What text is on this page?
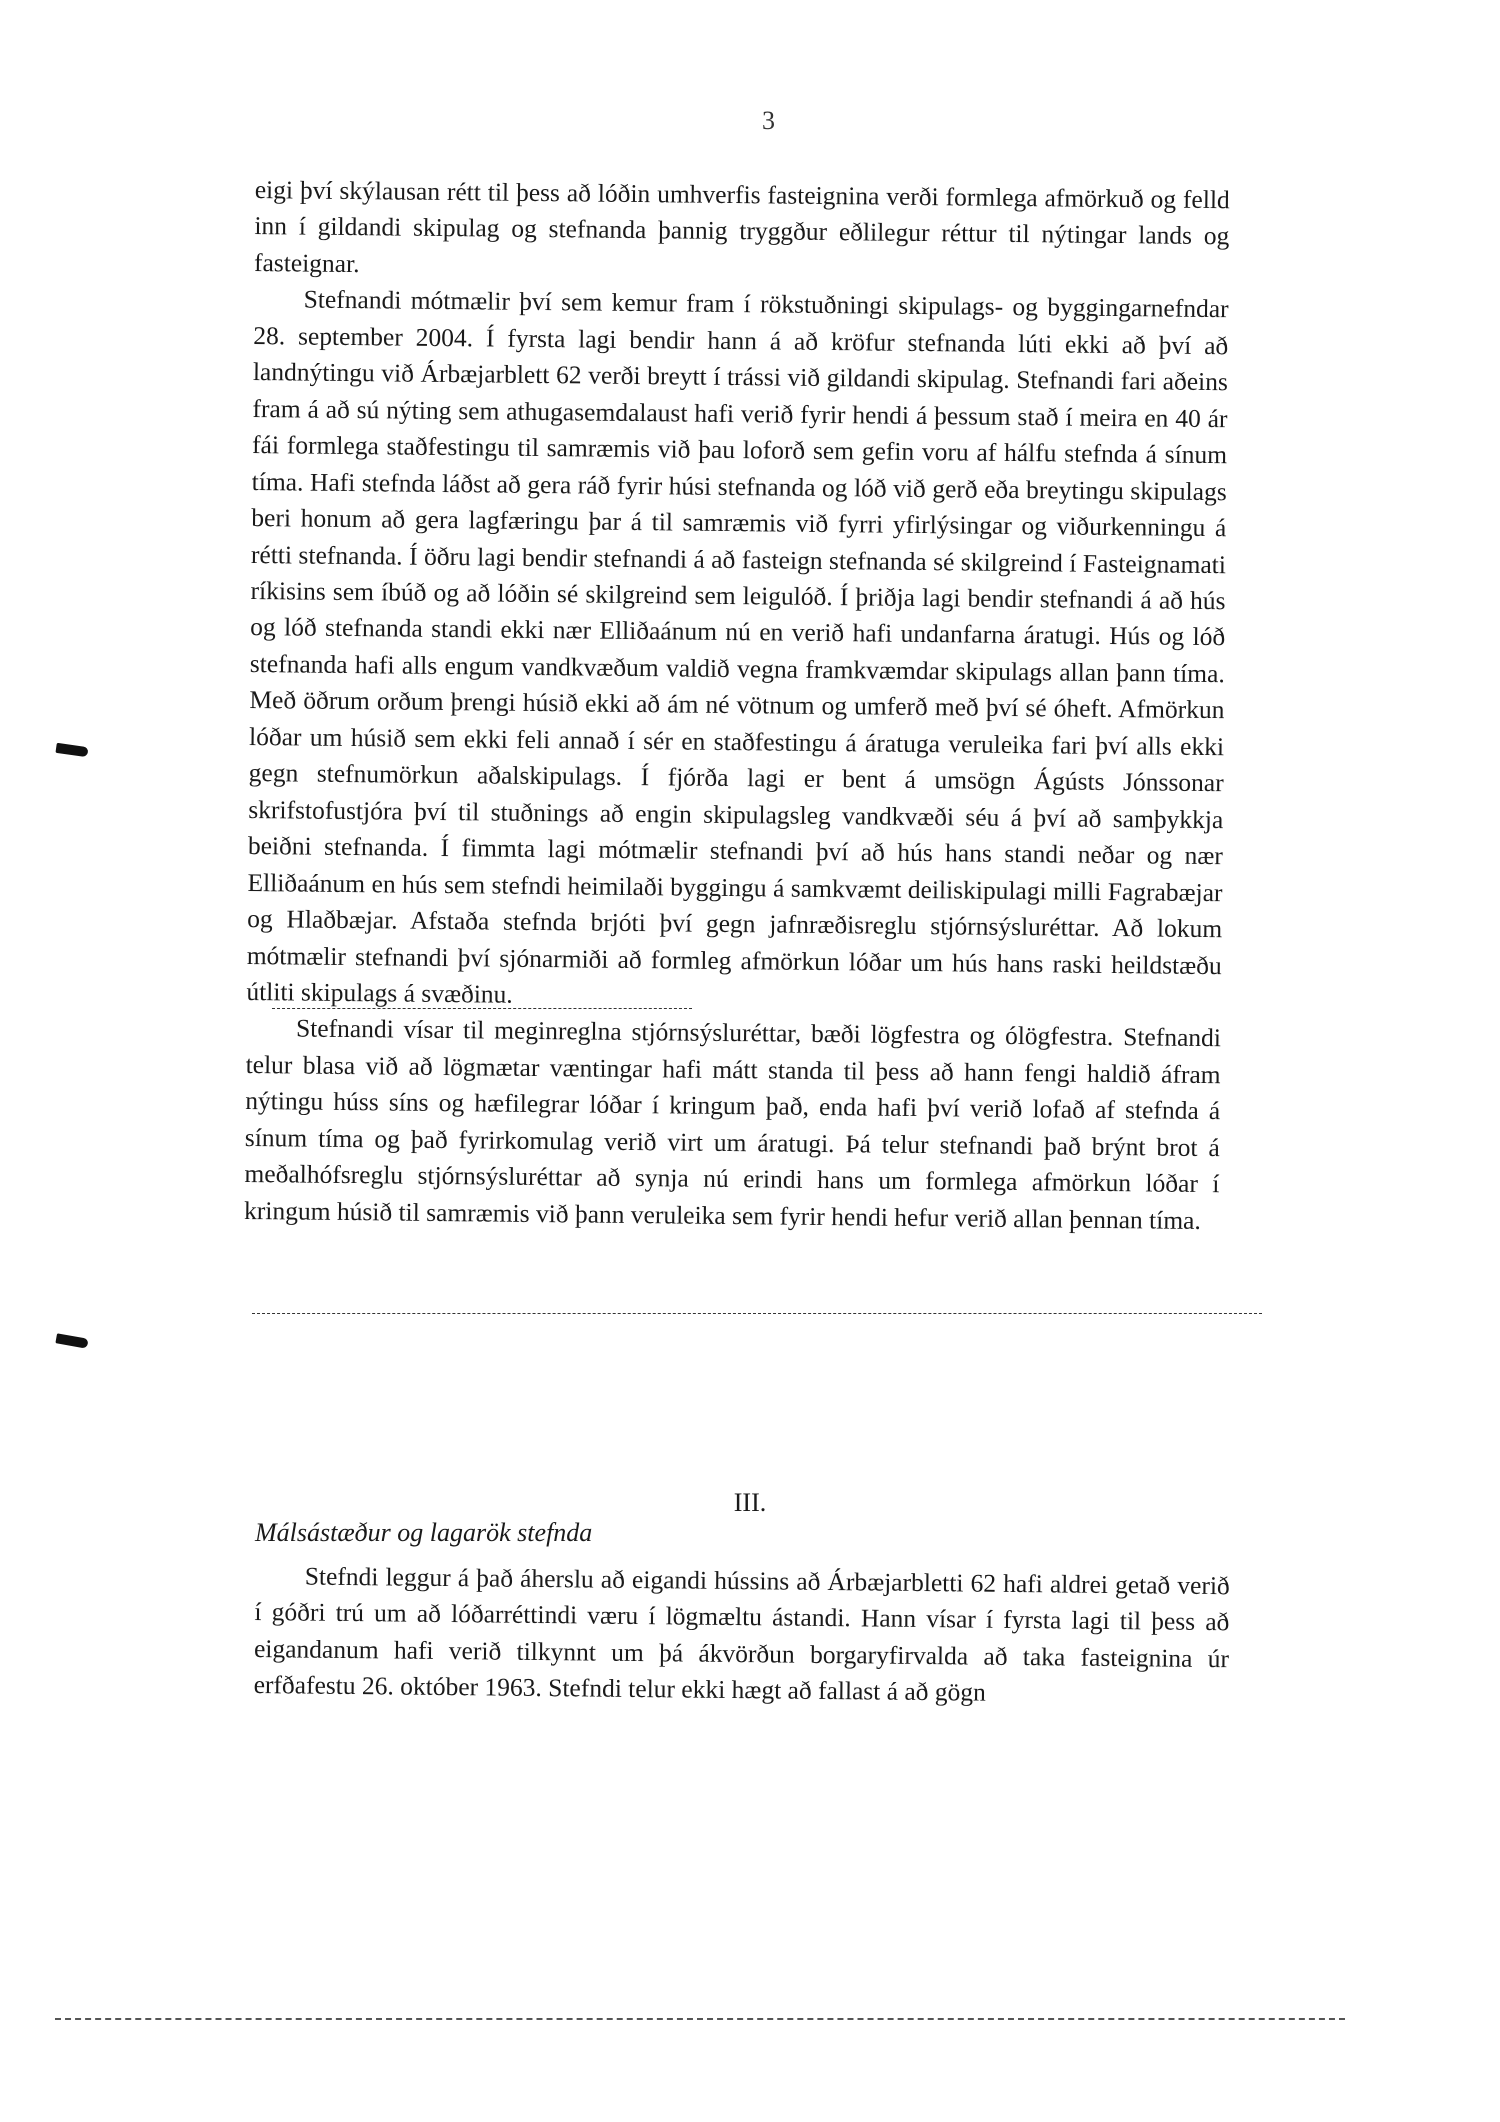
3

eigi því skýlausan rétt til þess að lóðin umhverfis fasteignina verði formlega afmörkuð og felld inn í gildandi skipulag og stefnanda þannig tryggður eðlilegur réttur til nýtingar lands og fasteignar.

Stefnandi mótmælir því sem kemur fram í rökstuðningi skipulags- og byggingarnefndar 28. september 2004. Í fyrsta lagi bendir hann á að kröfur stefnanda lúti ekki að því að landnýtingu við Árbæjarblett 62 verði breytt í trássi við gildandi skipulag. Stefnandi fari aðeins fram á að sú nýting sem athugasemdalaust hafi verið fyrir hendi á þessum stað í meira en 40 ár fái formlega staðfestingu til samræmis við þau loforð sem gefin voru af hálfu stefnda á sínum tíma. Hafi stefnda láðst að gera ráð fyrir húsi stefnanda og lóð við gerð eða breytingu skipulags beri honum að gera lagfæringu þar á til samræmis við fyrri yfirlýsingar og viðurkenningu á rétti stefnanda. Í öðru lagi bendir stefnandi á að fasteign stefnanda sé skilgreind í Fasteignamati ríkisins sem íbúð og að lóðin sé skilgreind sem leigulóð. Í þriðja lagi bendir stefnandi á að hús og lóð stefnanda standi ekki nær Elliðaánum nú en verið hafi undanfarna áratugi. Hús og lóð stefnanda hafi alls engum vandkvæðum valdið vegna framkvæmdar skipulags allan þann tíma. Með öðrum orðum þrengi húsið ekki að ám né vötnum og umferð með því sé óheft. Afmörkun lóðar um húsið sem ekki feli annað í sér en staðfestingu á áratuga veruleika fari því alls ekki gegn stefnumörkun aðalskipulags. Í fjórða lagi er bent á umsögn Ágústs Jónssonar skrifstofustjóra því til stuðnings að engin skipulagsleg vandkvæði séu á því að samþykkja beiðni stefnanda. Í fimmta lagi mótmælir stefnandi því að hús hans standi neðar og nær Elliðaánum en hús sem stefndi heimilaði byggingu á samkvæmt deiliskipulagi milli Fagrabæjar og Hlaðbæjar. Afstaða stefnda brjóti því gegn jafnræðisreglu stjórnsýsluréttar. Að lokum mótmælir stefnandi því sjónarmiði að formleg afmörkun lóðar um hús hans raski heildstæðu útliti skipulags á svæðinu.

Stefnandi vísar til meginreglna stjórnsýsluréttar, bæði lögfestra og ólögfestra. Stefnandi telur blasa við að lögmætar væntingar hafi mátt standa til þess að hann fengi haldið áfram nýtingu húss síns og hæfilegrar lóðar í kringum það, enda hafi því verið lofað af stefnda á sínum tíma og það fyrirkomulag verið virt um áratugi. Þá telur stefnandi það brýnt brot á meðalhófsreglu stjórnsýsluréttar að synja nú erindi hans um formlega afmörkun lóðar í kringum húsið til samræmis við þann veruleika sem fyrir hendi hefur verið allan þennan tíma.

III.
Málsástæður og lagarök stefnda

Stefndi leggur á það áherslu að eigandi hússins að Árbæjarbletti 62 hafi aldrei getað verið í góðri trú um að lóðarréttindi væru í lögmæltu ástandi. Hann vísar í fyrsta lagi til þess að eigandanum hafi verið tilkynnt um þá ákvörðun borgaryfirvalda að taka fasteignina úr erfðafestu 26. október 1963. Stefndi telur ekki hægt að fallast á að gögn
